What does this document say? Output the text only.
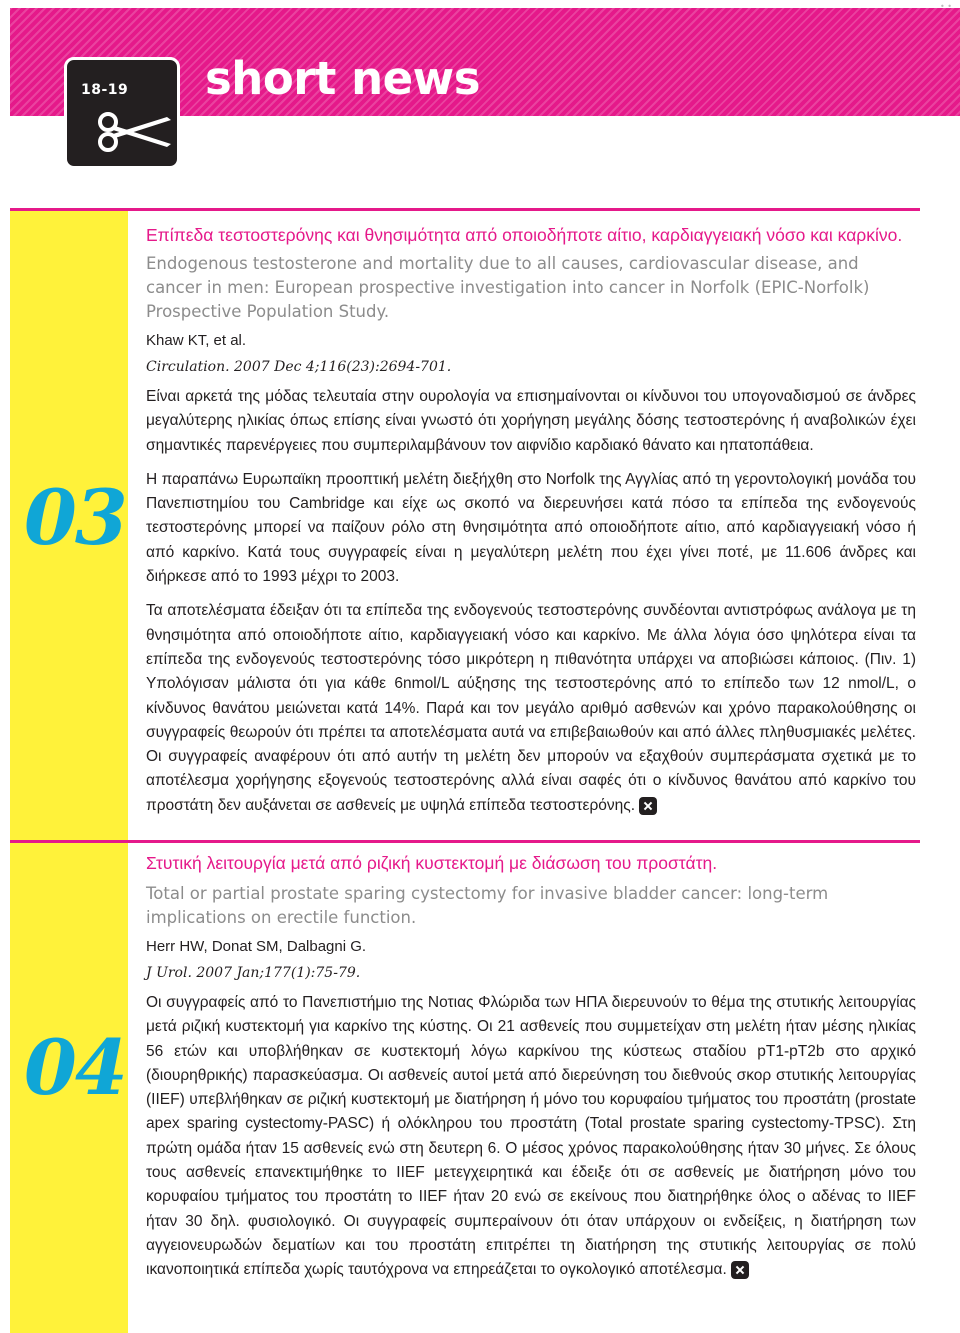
• •
18-19 short news
03

Επίπεδα τεστοστερόνης και θνησιμότητα από οποιοδήποτε αίτιο, καρδιαγγειακή νόσο και καρκίνο.

Endogenous testosterone and mortality due to all causes, cardiovascular disease, and cancer in men: European prospective investigation into cancer in Norfolk (EPIC-Norfolk) Prospective Population Study.

Khaw KT, et al.

Circulation. 2007 Dec 4;116(23):2694-701.

Είναι αρκετά της μόδας τελευταία στην ουρολογία να επισημαίνονται οι κίνδυνοι του υπογοναδισμού σε άνδρες μεγαλύτερης ηλικίας όπως επίσης είναι γνωστό ότι χορήγηση μεγάλης δόσης τεστοστερόνης ή αναβολικών έχει σημαντικές παρενέργειες που συμπεριλαμβάνουν τον αιφνίδιο καρδιακό θάνατο και ηπατοπάθεια.

Η παραπάνω Ευρωπαϊκη προοπτική μελέτη διεξήχθη στο Norfolk της Αγγλίας από τη γεροντολογική μονάδα του Πανεπιστημίου του Cambridge και είχε ως σκοπό να διερευνήσει κατά πόσο τα επίπεδα της ενδογενούς τεστοστερόνης μπορεί να παίζουν ρόλο στη θνησιμότητα από οποιοδήποτε αίτιο, από καρδιαγγειακή νόσο ή από καρκίνο. Κατά τους συγγραφείς είναι η μεγαλύτερη μελέτη που έχει γίνει ποτέ, με 11.606 άνδρες και διήρκεσε από το 1993 μέχρι το 2003.

Τα αποτελέσματα έδειξαν ότι τα επίπεδα της ενδογενούς τεστοστερόνης συνδέονται αντιστρόφως ανάλογα με τη θνησιμότητα από οποιοδήποτε αίτιο, καρδιαγγειακή νόσο και καρκίνο. Με άλλα λόγια όσο ψηλότερα είναι τα επίπεδα της ενδογενούς τεστοστερόνης τόσο μικρότερη η πιθανότητα υπάρχει να αποβιώσει κάποιος. (Πιν. 1) Υπολόγισαν μάλιστα ότι για κάθε 6nmol/L αύξησης της τεστοστερόνης από το επίπεδο των 12 nmol/L, ο κίνδυνος θανάτου μειώνεται κατά 14%. Παρά και τον μεγάλο αριθμό ασθενών και χρόνο παρακολούθησης οι συγγραφείς θεωρούν ότι πρέπει τα αποτελέσματα αυτά να επιβεβαιωθούν και από άλλες πληθυσμιακές μελέτες. Οι συγγραφείς αναφέρουν ότι από αυτήν τη μελέτη δεν μπορούν να εξαχθούν συμπεράσματα σχετικά με το αποτέλεσμα χορήγησης εξογενούς τεστοστερόνης αλλά είναι σαφές ότι ο κίνδυνος θανάτου από καρκίνο του προστάτη δεν αυξάνεται σε ασθενείς με υψηλά επίπεδα τεστοστερόνης.

04

Στυτική λειτουργία μετά από ριζική κυστεκτομή με διάσωση του προστάτη.

Total or partial prostate sparing cystectomy for invasive bladder cancer: long-term implications on erectile function.

Herr HW, Donat SM, Dalbagni G.

J Urol. 2007 Jan;177(1):75-79.

Οι συγγραφείς από το Πανεπιστήμιο της Νοτιας Φλώριδα των ΗΠΑ διερευνούν το θέμα της στυτικής λειτουργίας μετά ριζική κυστεκτομή για καρκίνο της κύστης. Οι 21 ασθενείς που συμμετείχαν στη μελέτη ήταν μέσης ηλικίας 56 ετών και υποβλήθηκαν σε κυστεκτομή λόγω καρκίνου της κύστεως σταδίου pT1-pT2b στο αρχικό (διουρηθρικής) παρασκεύασμα. Οι ασθενείς αυτοί μετά από διερεύνηση του διεθνούς σκορ στυτικής λειτουργίας (IIEF) υπεβλήθηκαν σε ριζική κυστεκτομή με διατήρηση ή μόνο του κορυφαίου τμήματος του προστάτη (prostate apex sparing cystectomy-PASC) ή ολόκληρου του προστάτη (Total prostate sparing cystectomy-TPSC). Στη πρώτη ομάδα ήταν 15 ασθενείς ενώ στη δευτερη 6. Ο μέσος χρόνος παρακολούθησης ήταν 30 μήνες. Σε όλους τους ασθενείς επανεκτιμήθηκε το IIEF μετεγχειρητικά και έδειξε ότι σε ασθενείς με διατήρηση μόνο του κορυφαίου τμήματος του προστάτη το IIEF ήταν 20 ενώ σε εκείνους που διατηρήθηκε όλος ο αδένας το IIEF ήταν 30 δηλ. φυσιολογικό. Οι συγγραφείς συμπεραίνουν ότι όταν υπάρχουν οι ενδείξεις, η διατήρηση των αγγειονευρωδών δεματίων και του προστάτη επιτρέπει τη διατήρηση της στυτικής λειτουργίας σε πολύ ικανοποιητικά επίπεδα χωρίς ταυτόχρονα να επηρεάζεται το ογκολογικό αποτέλεσμα.
